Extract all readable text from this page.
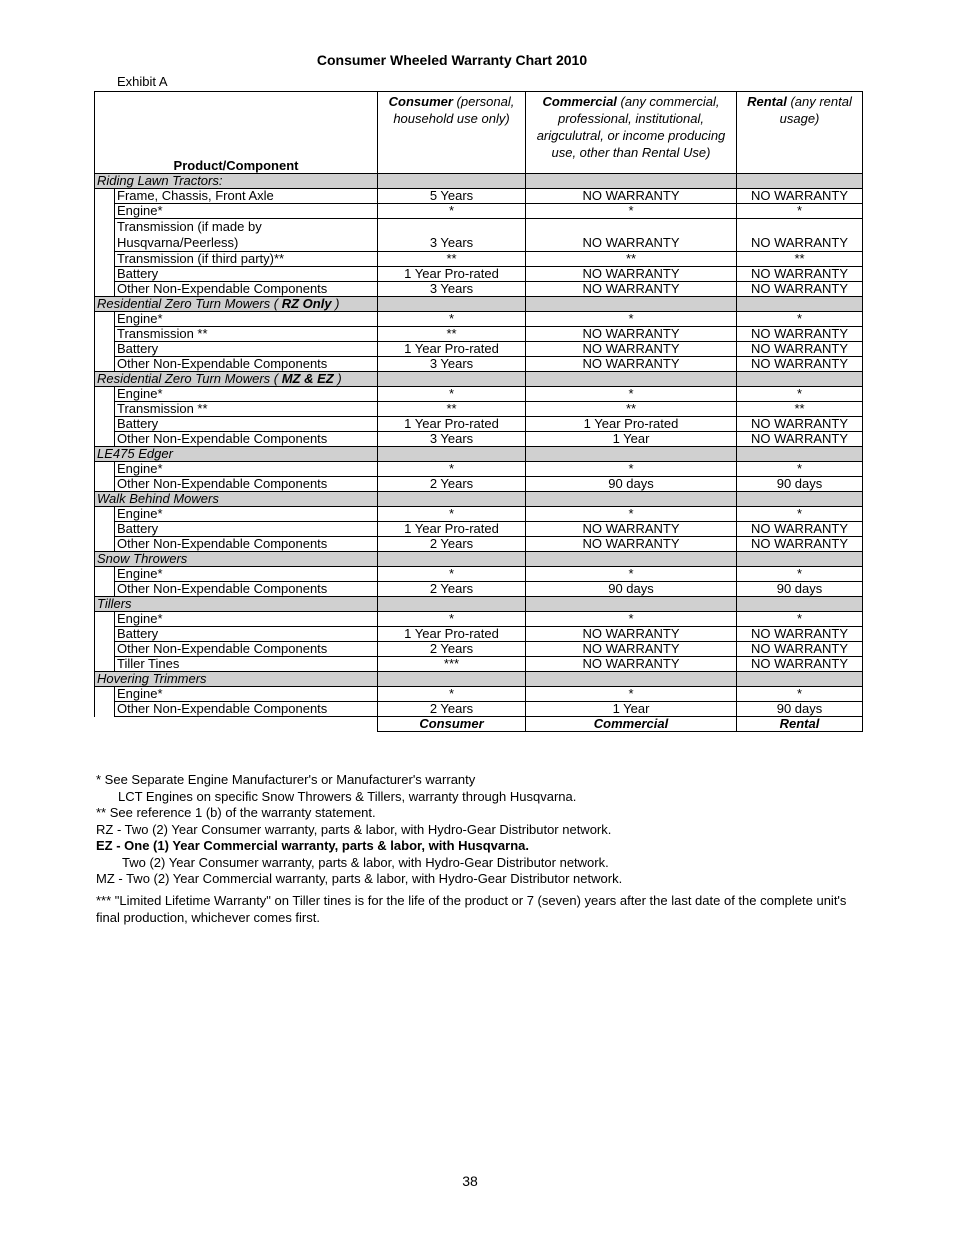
Consumer Wheeled Warranty Chart 2010
Exhibit A
Product/Component		Consumer (personal, household use only)	Commercial (any commercial, professional, institutional, arigculutral, or income producing use, other than Rental Use)	Rental (any rental usage)
Riding Lawn Tractors:				
	Frame, Chassis, Front Axle	5 Years	NO WARRANTY	NO WARRANTY
	Engine*	*	*	*
	Transmission (if made by Husqvarna/Peerless)	3 Years	NO WARRANTY	NO WARRANTY
	Transmission (if third party)**	**	**	**
	Battery	1 Year Pro-rated	NO WARRANTY	NO WARRANTY
	Other Non-Expendable Components	3 Years	NO WARRANTY	NO WARRANTY
Residential Zero Turn Mowers ( RZ Only )				
	Engine*	*	*	*
	Transmission **	**	NO WARRANTY	NO WARRANTY
	Battery	1 Year Pro-rated	NO WARRANTY	NO WARRANTY
	Other Non-Expendable Components	3 Years	NO WARRANTY	NO WARRANTY
Residential Zero Turn Mowers ( MZ & EZ )				
	Engine*	*	*	*
	Transmission **	**	**	**
	Battery	1 Year Pro-rated	1 Year Pro-rated	NO WARRANTY
	Other Non-Expendable Components	3 Years	1 Year	NO WARRANTY
LE475 Edger				
	Engine*	*	*	*
	Other Non-Expendable Components	2 Years	90 days	90 days
Walk Behind Mowers				
	Engine*	*	*	*
	Battery	1 Year Pro-rated	NO WARRANTY	NO WARRANTY
	Other Non-Expendable Components	2 Years	NO WARRANTY	NO WARRANTY
Snow Throwers				
	Engine*	*	*	*
	Other Non-Expendable Components	2 Years	90 days	90 days
Tillers				
	Engine*	*	*	*
	Battery	1 Year Pro-rated	NO WARRANTY	NO WARRANTY
	Other Non-Expendable Components	2 Years	NO WARRANTY	NO WARRANTY
	Tiller Tines	***	NO WARRANTY	NO WARRANTY
Hovering Trimmers				
	Engine*	*	*	*
	Other Non-Expendable Components	2 Years	1 Year	90 days
		Consumer	Commercial	Rental

* See Separate Engine Manufacturer's or Manufacturer's warranty

LCT Engines on specific Snow Throwers & Tillers, warranty through Husqvarna.

** See reference 1 (b) of the warranty statement.

RZ - Two (2) Year Consumer warranty, parts & labor, with Hydro-Gear Distributor network.

EZ - One (1) Year Commercial warranty, parts & labor, with Husqvarna.

Two (2) Year Consumer warranty, parts & labor, with Hydro-Gear Distributor network.

MZ - Two (2) Year Commercial warranty, parts & labor, with Hydro-Gear Distributor network.

*** "Limited Lifetime Warranty" on Tiller tines is for the life of the product or 7 (seven) years after the last date of the complete unit's final production, whichever comes first.

38
